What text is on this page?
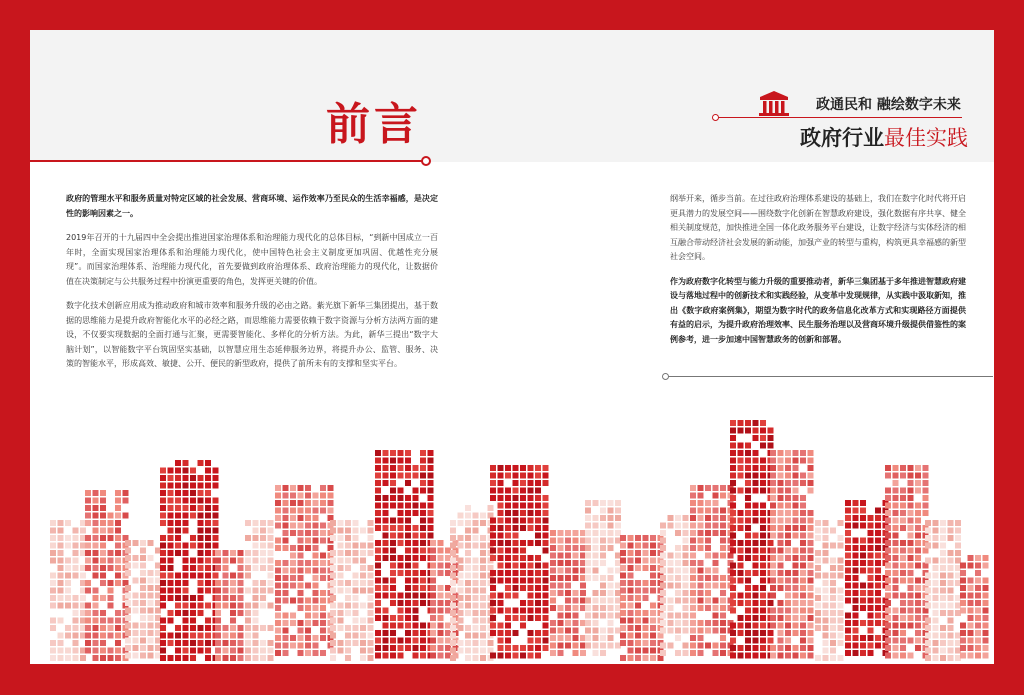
前言	政通民和 融绘数字未来
政府行业最佳实践

政府的管理水平和服务质量对特定区域的社会发展、营商环境、运作效率乃至民众的生活幸福感，是决定性的影响因素之一。

2019年召开的十九届四中全会提出推进国家治理体系和治理能力现代化的总体目标，“到新中国成立一百年时，全面实现国家治理体系和治理能力现代化，使中国特色社会主义制度更加巩固、优越性充分展现”。而国家治理体系、治理能力现代化，首先要做到政府治理体系、政府治理能力的现代化，让数据价值在决策制定与公共服务过程中扮演更重要的角色，发挥更关键的价值。

数字化技术创新应用成为推动政府和城市效率和服务升级的必由之路。紫光旗下新华三集团提出，基于数据的思维能力是提升政府智能化水平的必经之路，而思维能力需要依赖于数字资源与分析方法两方面的建设，不仅要实现数据的全面打通与汇聚，更需要智能化、多样化的分析方法。为此，新华三提出“数字大脑计划”，以智能数字平台筑固坚实基础，以智慧应用生态延伸服务边界，将提升办公、监管、服务、决策的智能水平，形成高效、敏捷、公开、便民的新型政府，提供了前所未有的支撑和坚实平台。

纲举开来，循步当前。在过往政府治理体系建设的基础上，我们在数字化时代将开启更具潜力的发展空间——围绕数字化创新在智慧政府建设，强化数据有序共享、健全相关制度规范，加快推进全国一体化政务服务平台建设，让数字经济与实体经济的相互融合带动经济社会发展的新动能，加强产业的转型与重构，构筑更具幸福感的新型社会空间。

作为政府数字化转型与能力升级的重要推动者，新华三集团基于多年推进智慧政府建设与落地过程中的创新技术和实践经验，从变革中发现规律，从实践中汲取新知，推出《数字政府案例集》，期望为数字时代的政务信息化改革方式和实现路径方面提供有益的启示，为提升政府治理效率、民生服务治理以及营商环境升级提供借鉴性的案例参考，进一步加速中国智慧政务的创新和部署。
